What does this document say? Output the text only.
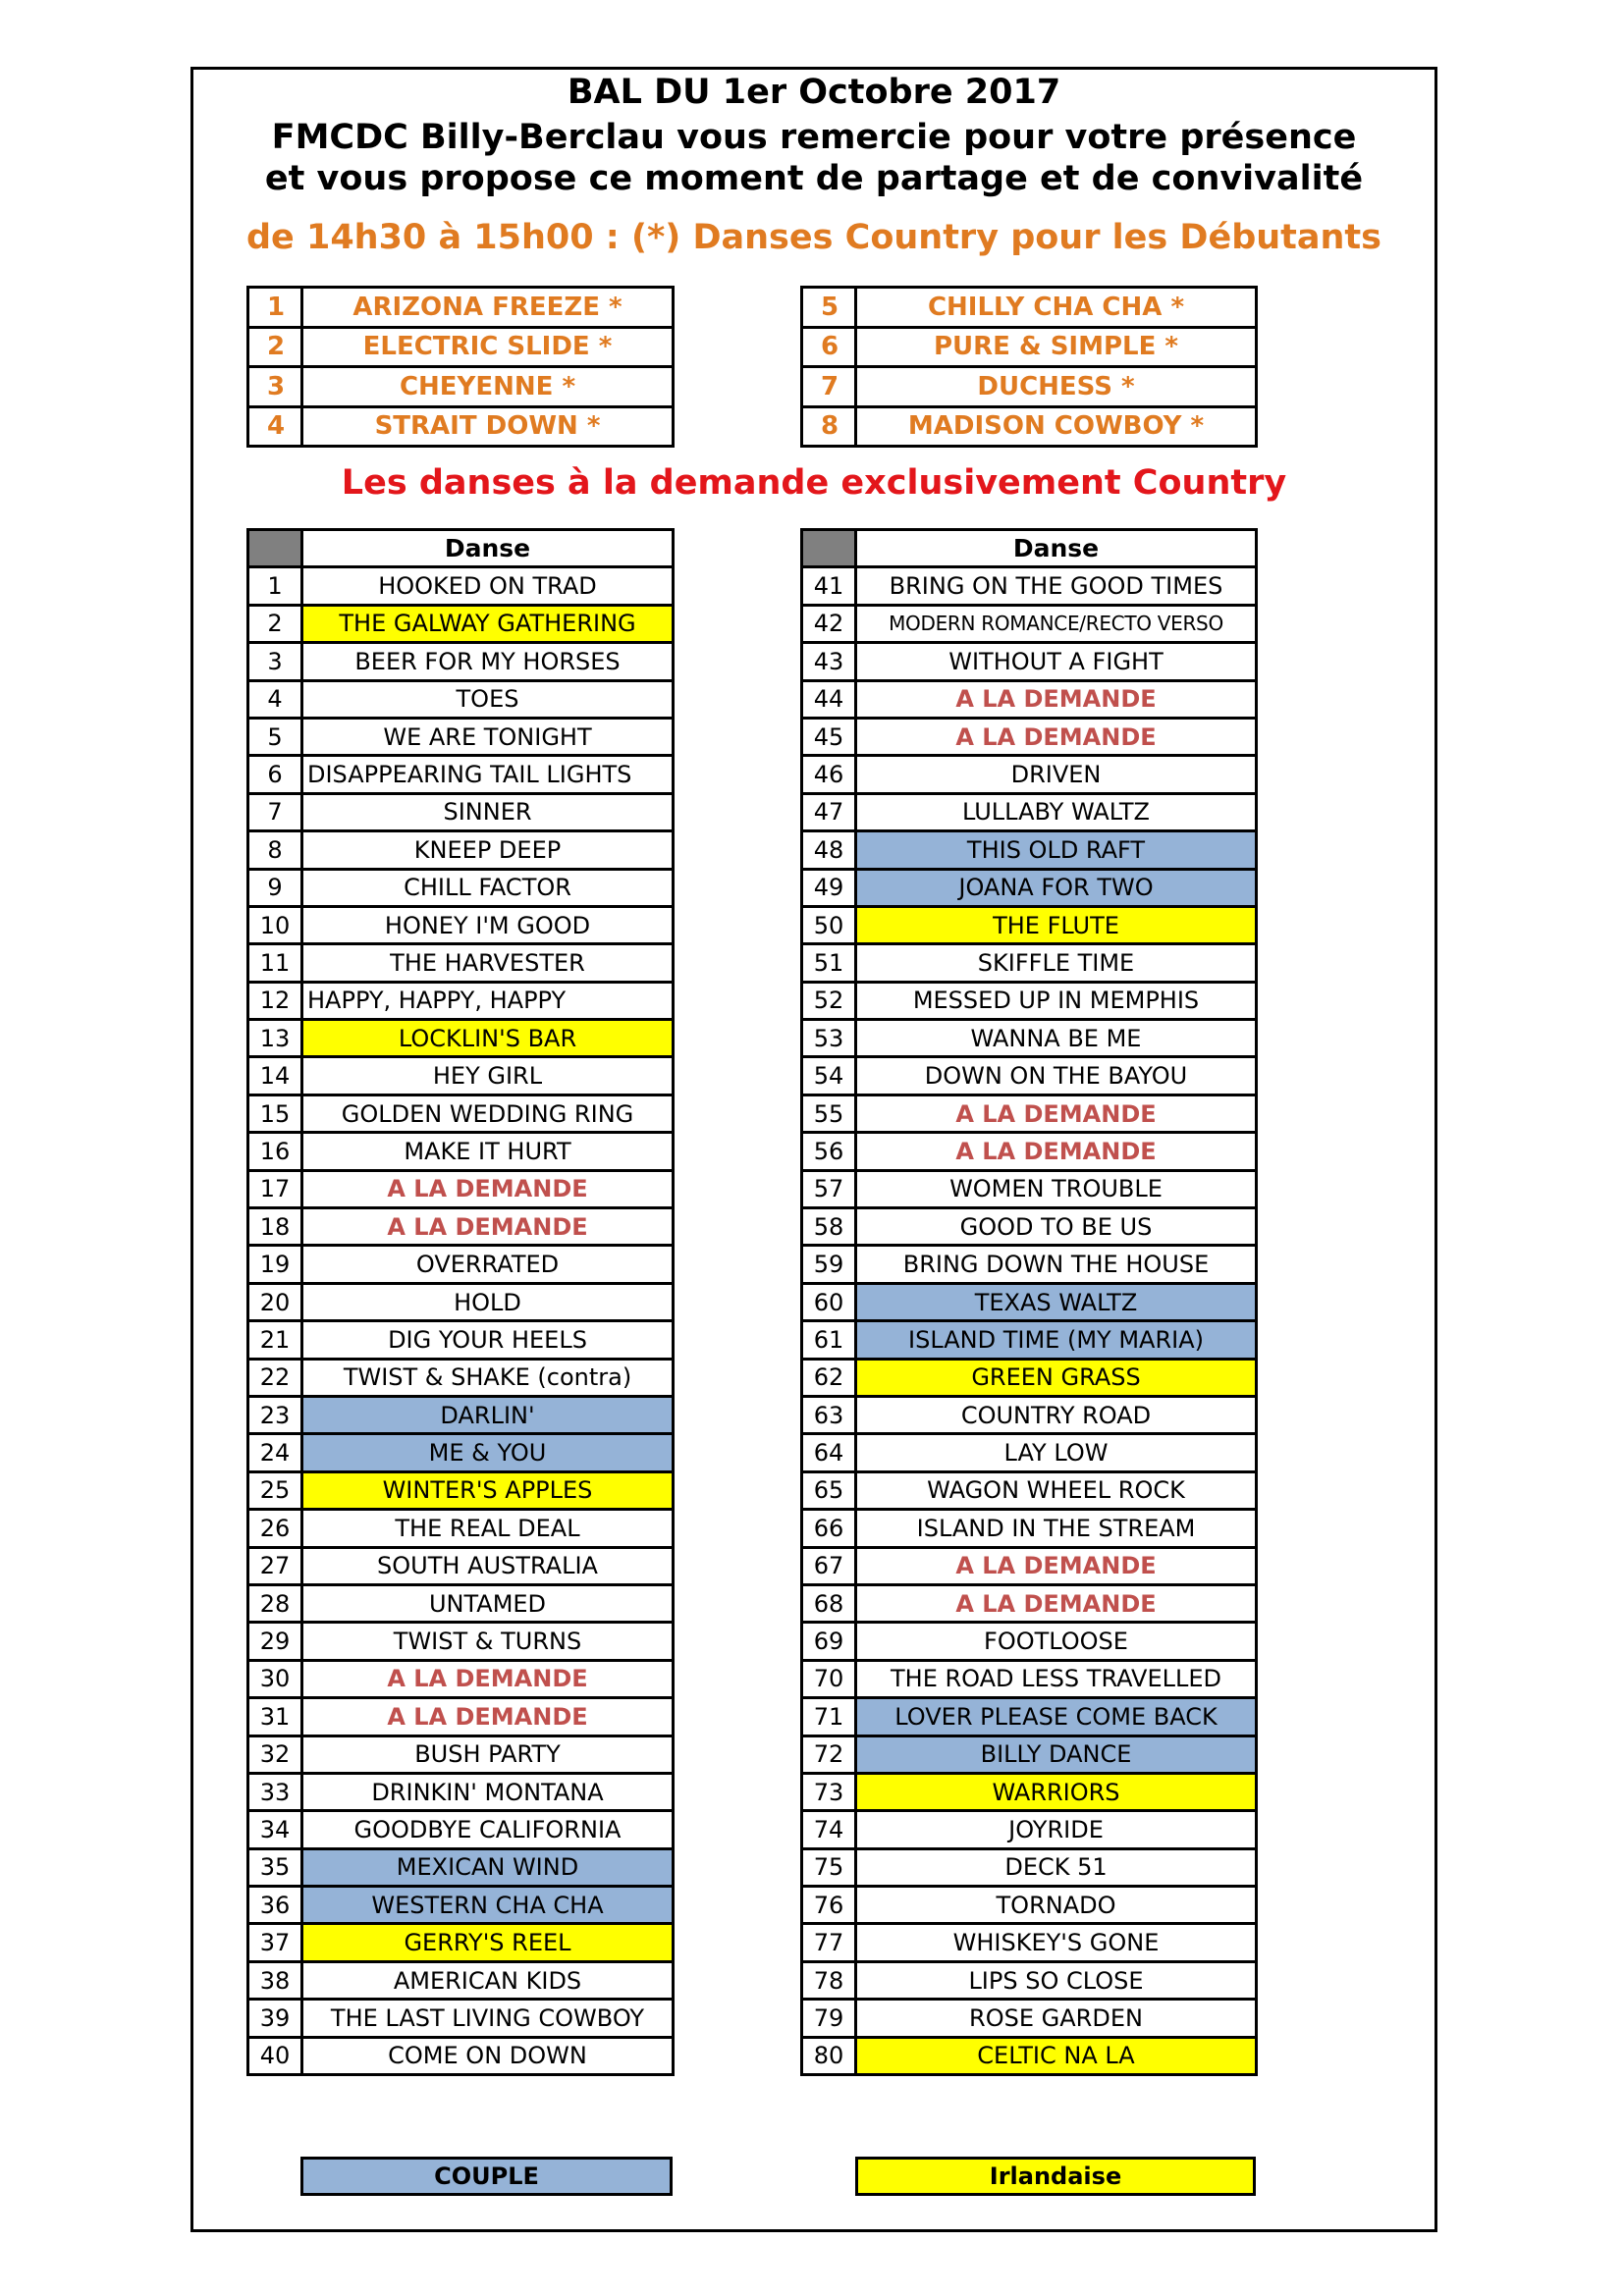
BAL DU 1er Octobre 2017
FMCDC Billy-Berclau vous remercie pour votre présence
et vous propose ce moment de partage et de convivalité
de 14h30 à 15h00 : (*) Danses Country pour les Débutants
1	ARIZONA FREEZE *
2	ELECTRIC SLIDE *
3	CHEYENNE *
4	STRAIT DOWN *
5	CHILLY CHA CHA *
6	PURE & SIMPLE *
7	DUCHESS *
8	MADISON COWBOY *
Les danses à la demande exclusivement Country
	Danse
1	HOOKED ON TRAD
2	THE GALWAY GATHERING
3	BEER FOR MY HORSES
4	TOES
5	WE ARE TONIGHT
6	DISAPPEARING TAIL LIGHTS
7	SINNER
8	KNEEP DEEP
9	CHILL FACTOR
10	HONEY I'M GOOD
11	THE HARVESTER
12	HAPPY, HAPPY, HAPPY
13	LOCKLIN'S BAR
14	HEY GIRL
15	GOLDEN WEDDING RING
16	MAKE IT HURT
17	A LA DEMANDE
18	A LA DEMANDE
19	OVERRATED
20	HOLD
21	DIG YOUR HEELS
22	TWIST & SHAKE (contra)
23	DARLIN'
24	ME & YOU
25	WINTER'S APPLES
26	THE REAL DEAL
27	SOUTH AUSTRALIA
28	UNTAMED
29	TWIST & TURNS
30	A LA DEMANDE
31	A LA DEMANDE
32	BUSH PARTY
33	DRINKIN' MONTANA
34	GOODBYE CALIFORNIA
35	MEXICAN WIND
36	WESTERN CHA CHA
37	GERRY'S REEL
38	AMERICAN KIDS
39	THE LAST LIVING COWBOY
40	COME ON DOWN
	Danse
41	BRING ON THE GOOD TIMES
42	MODERN ROMANCE/RECTO VERSO
43	WITHOUT A FIGHT
44	A LA DEMANDE
45	A LA DEMANDE
46	DRIVEN
47	LULLABY WALTZ
48	THIS OLD RAFT
49	JOANA FOR TWO
50	THE FLUTE
51	SKIFFLE TIME
52	MESSED UP IN MEMPHIS
53	WANNA BE ME
54	DOWN ON THE BAYOU
55	A LA DEMANDE
56	A LA DEMANDE
57	WOMEN TROUBLE
58	GOOD TO BE US
59	BRING DOWN THE HOUSE
60	TEXAS WALTZ
61	ISLAND TIME (MY MARIA)
62	GREEN GRASS
63	COUNTRY ROAD
64	LAY LOW
65	WAGON WHEEL ROCK
66	ISLAND IN THE STREAM
67	A LA DEMANDE
68	A LA DEMANDE
69	FOOTLOOSE
70	THE ROAD LESS TRAVELLED
71	LOVER PLEASE COME BACK
72	BILLY DANCE
73	WARRIORS
74	JOYRIDE
75	DECK 51
76	TORNADO
77	WHISKEY'S GONE
78	LIPS SO CLOSE
79	ROSE GARDEN
80	CELTIC NA LA
COUPLE	Irlandaise
